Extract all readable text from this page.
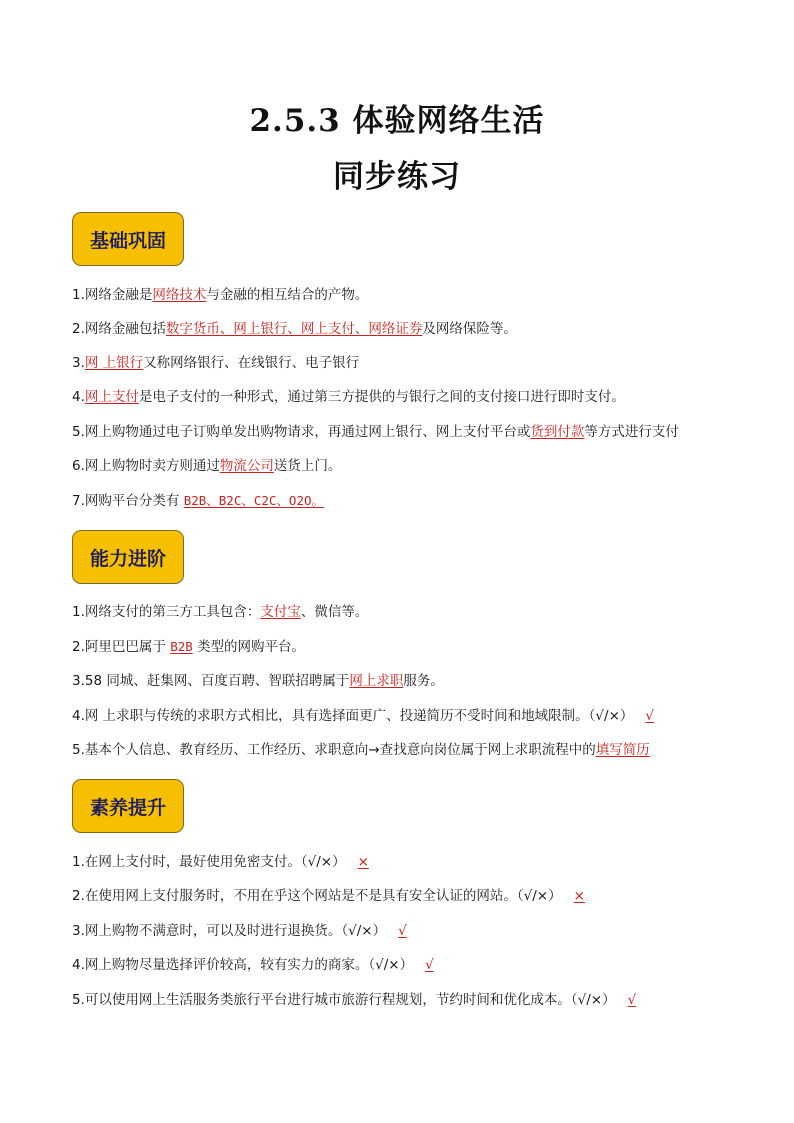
2.5.3 体验网络生活
同步练习
基础巩固
1.网络金融是网络技术与金融的相互结合的产物。
2.网络金融包括数字货币、网上银行、网上支付、网络证券及网络保险等。
3.网 上银行又称网络银行、在线银行、电子银行
4.网上支付是电子支付的一种形式，通过第三方提供的与银行之间的支付接口进行即时支付。
5.网上购物通过电子订购单发出购物请求，再通过网上银行、网上支付平台或货到付款等方式进行支付
6.网上购物时卖方则通过物流公司送货上门。
7.网购平台分类有 B2B、B2C、C2C、O2O。
能力进阶
1.网络支付的第三方工具包含：支付宝、微信等。
2.阿里巴巴属于 B2B 类型的网购平台。
3.58 同城、赶集网、百度百聘、智联招聘属于网上求职服务。
4.网 上求职与传统的求职方式相比，具有选择面更广、投递简历不受时间和地域限制。（√/×） √
5.基本个人信息、教育经历、工作经历、求职意向→查找意向岗位属于网上求职流程中的填写简历
素养提升
1.在网上支付时，最好使用免密支付。（√/×） ×
2.在使用网上支付服务时，不用在乎这个网站是不是具有安全认证的网站。（√/×） ×
3.网上购物不满意时，可以及时进行退换货。（√/×） √
4.网上购物尽量选择评价较高，较有实力的商家。（√/×） √
5.可以使用网上生活服务类旅行平台进行城市旅游行程规划，节约时间和优化成本。（√/×） √
